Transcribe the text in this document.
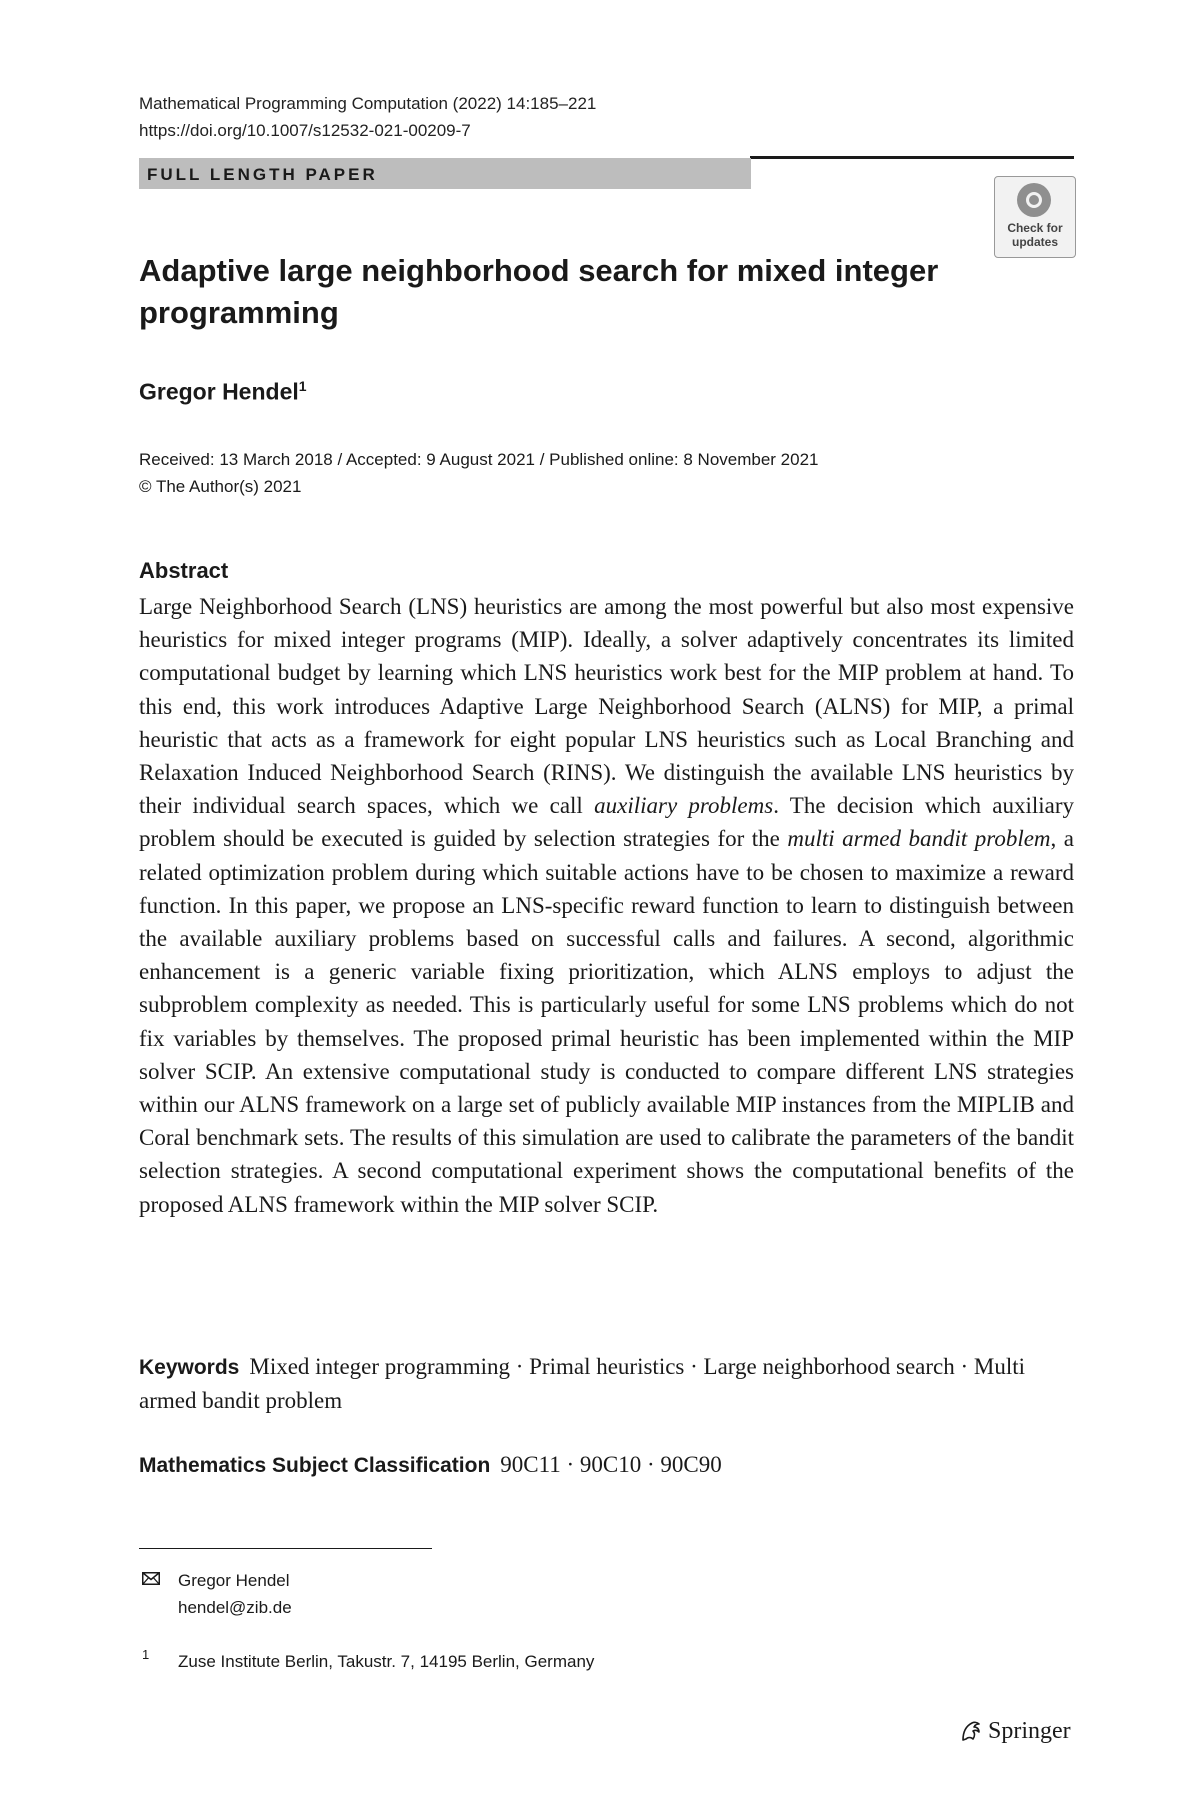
Mathematical Programming Computation (2022) 14:185–221
https://doi.org/10.1007/s12532-021-00209-7
FULL LENGTH PAPER
Check for updates
Adaptive large neighborhood search for mixed integer programming
Gregor Hendel$^1$
Received: 13 March 2018 / Accepted: 9 August 2021 / Published online: 8 November 2021
© The Author(s) 2021
Abstract
Large Neighborhood Search (LNS) heuristics are among the most powerful but also most expensive heuristics for mixed integer programs (MIP). Ideally, a solver adaptively concentrates its limited computational budget by learning which LNS heuristics work best for the MIP problem at hand. To this end, this work introduces Adaptive Large Neighborhood Search (ALNS) for MIP, a primal heuristic that acts as a framework for eight popular LNS heuristics such as Local Branching and Relaxation Induced Neighborhood Search (RINS). We distinguish the available LNS heuristics by their individual search spaces, which we call auxiliary problems. The decision which auxiliary problem should be executed is guided by selection strategies for the multi armed bandit problem, a related optimization problem during which suitable actions have to be chosen to maximize a reward function. In this paper, we propose an LNS-specific reward function to learn to distinguish between the available auxiliary problems based on successful calls and failures. A second, algorithmic enhancement is a generic variable fixing prioritization, which ALNS employs to adjust the subproblem complexity as needed. This is particularly useful for some LNS problems which do not fix variables by themselves. The proposed primal heuristic has been implemented within the MIP solver SCIP. An extensive computational study is conducted to compare different LNS strategies within our ALNS framework on a large set of publicly available MIP instances from the MIPLIB and Coral benchmark sets. The results of this simulation are used to calibrate the parameters of the bandit selection strategies. A second computational experiment shows the computational benefits of the proposed ALNS framework within the MIP solver SCIP.
Keywords Mixed integer programming · Primal heuristics · Large neighborhood search · Multi armed bandit problem
Mathematics Subject Classification 90C11 · 90C10 · 90C90
Gregor Hendel
hendel@zib.de
1 Zuse Institute Berlin, Takustr. 7, 14195 Berlin, Germany
Springer
